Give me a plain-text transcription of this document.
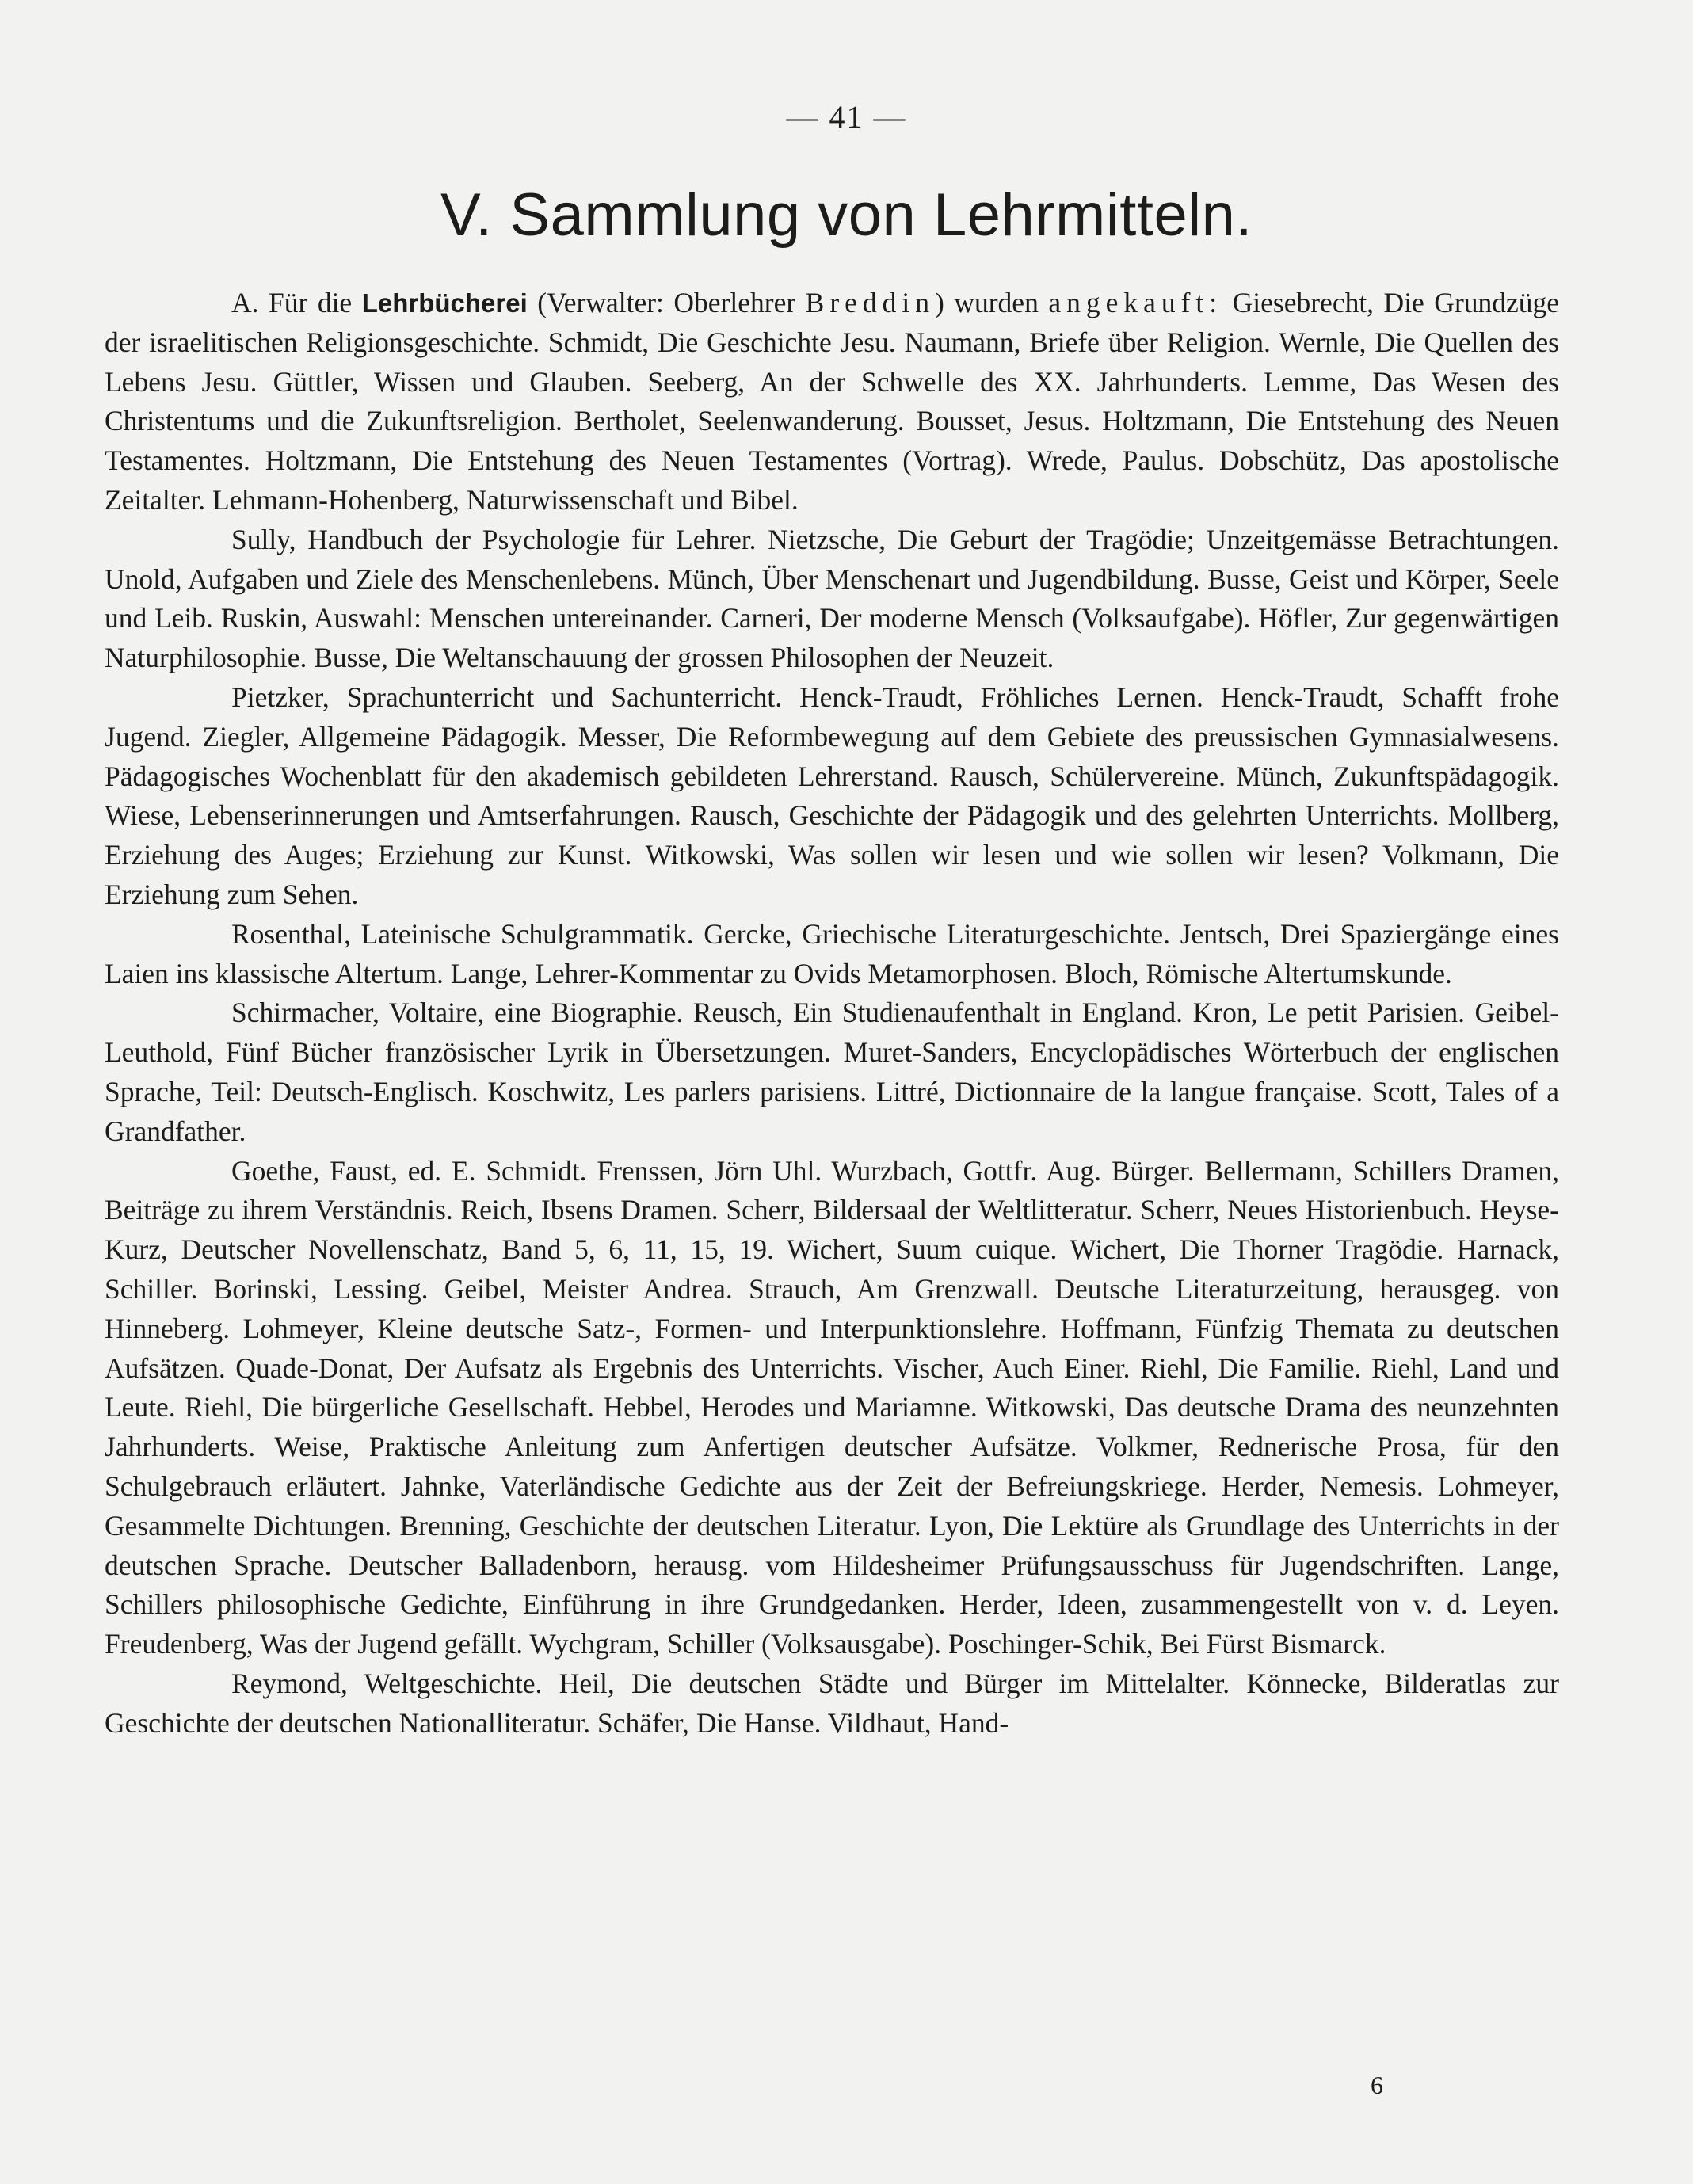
— 41 —
V. Sammlung von Lehrmitteln.

A. Für die Lehrbücherei (Verwalter: Oberlehrer Breddin) wurden angekauft: Giesebrecht, Die Grundzüge der israelitischen Religionsgeschichte. Schmidt, Die Geschichte Jesu. Naumann, Briefe über Religion. Wernle, Die Quellen des Lebens Jesu. Güttler, Wissen und Glauben. Seeberg, An der Schwelle des XX. Jahrhunderts. Lemme, Das Wesen des Christentums und die Zukunftsreligion. Bertholet, Seelenwanderung. Bousset, Jesus. Holtzmann, Die Entstehung des Neuen Testamentes. Holtzmann, Die Entstehung des Neuen Testamentes (Vortrag). Wrede, Paulus. Dobschütz, Das apostolische Zeitalter. Lehmann-Hohenberg, Naturwissenschaft und Bibel.

Sully, Handbuch der Psychologie für Lehrer. Nietzsche, Die Geburt der Tragödie; Unzeitgemässe Betrachtungen. Unold, Aufgaben und Ziele des Menschenlebens. Münch, Über Menschenart und Jugendbildung. Busse, Geist und Körper, Seele und Leib. Ruskin, Auswahl: Menschen untereinander. Carneri, Der moderne Mensch (Volksaufgabe). Höfler, Zur gegenwärtigen Naturphilosophie. Busse, Die Weltanschauung der grossen Philosophen der Neuzeit.

Pietzker, Sprachunterricht und Sachunterricht. Henck-Traudt, Fröhliches Lernen. Henck-Traudt, Schafft frohe Jugend. Ziegler, Allgemeine Pädagogik. Messer, Die Reformbewegung auf dem Gebiete des preussischen Gymnasialwesens. Pädagogisches Wochenblatt für den akademisch gebildeten Lehrerstand. Rausch, Schülervereine. Münch, Zukunftspädagogik. Wiese, Lebenserinnerungen und Amtserfahrungen. Rausch, Geschichte der Pädagogik und des gelehrten Unterrichts. Mollberg, Erziehung des Auges; Erziehung zur Kunst. Witkowski, Was sollen wir lesen und wie sollen wir lesen? Volkmann, Die Erziehung zum Sehen.

Rosenthal, Lateinische Schulgrammatik. Gercke, Griechische Literaturgeschichte. Jentsch, Drei Spaziergänge eines Laien ins klassische Altertum. Lange, Lehrer-Kommentar zu Ovids Metamorphosen. Bloch, Römische Altertumskunde.

Schirmacher, Voltaire, eine Biographie. Reusch, Ein Studienaufenthalt in England. Kron, Le petit Parisien. Geibel-Leuthold, Fünf Bücher französischer Lyrik in Übersetzungen. Muret-Sanders, Encyclopädisches Wörterbuch der englischen Sprache, Teil: Deutsch-Englisch. Koschwitz, Les parlers parisiens. Littré, Dictionnaire de la langue française. Scott, Tales of a Grandfather.

Goethe, Faust, ed. E. Schmidt. Frenssen, Jörn Uhl. Wurzbach, Gottfr. Aug. Bürger. Bellermann, Schillers Dramen, Beiträge zu ihrem Verständnis. Reich, Ibsens Dramen. Scherr, Bildersaal der Weltlitteratur. Scherr, Neues Historienbuch. Heyse-Kurz, Deutscher Novellenschatz, Band 5, 6, 11, 15, 19. Wichert, Suum cuique. Wichert, Die Thorner Tragödie. Harnack, Schiller. Borinski, Lessing. Geibel, Meister Andrea. Strauch, Am Grenzwall. Deutsche Literaturzeitung, herausgeg. von Hinneberg. Lohmeyer, Kleine deutsche Satz-, Formen- und Interpunktionslehre. Hoffmann, Fünfzig Themata zu deutschen Aufsätzen. Quade-Donat, Der Aufsatz als Ergebnis des Unterrichts. Vischer, Auch Einer. Riehl, Die Familie. Riehl, Land und Leute. Riehl, Die bürgerliche Gesellschaft. Hebbel, Herodes und Mariamne. Witkowski, Das deutsche Drama des neunzehnten Jahrhunderts. Weise, Praktische Anleitung zum Anfertigen deutscher Aufsätze. Volkmer, Rednerische Prosa, für den Schulgebrauch erläutert. Jahnke, Vaterländische Gedichte aus der Zeit der Befreiungskriege. Herder, Nemesis. Lohmeyer, Gesammelte Dichtungen. Brenning, Geschichte der deutschen Literatur. Lyon, Die Lektüre als Grundlage des Unterrichts in der deutschen Sprache. Deutscher Balladenborn, herausg. vom Hildesheimer Prüfungsausschuss für Jugendschriften. Lange, Schillers philosophische Gedichte, Einführung in ihre Grundgedanken. Herder, Ideen, zusammengestellt von v. d. Leyen. Freudenberg, Was der Jugend gefällt. Wychgram, Schiller (Volksausgabe). Poschinger-Schik, Bei Fürst Bismarck.

Reymond, Weltgeschichte. Heil, Die deutschen Städte und Bürger im Mittelalter. Könnecke, Bilderatlas zur Geschichte der deutschen Nationalliteratur. Schäfer, Die Hanse. Vildhaut, Hand-

6
